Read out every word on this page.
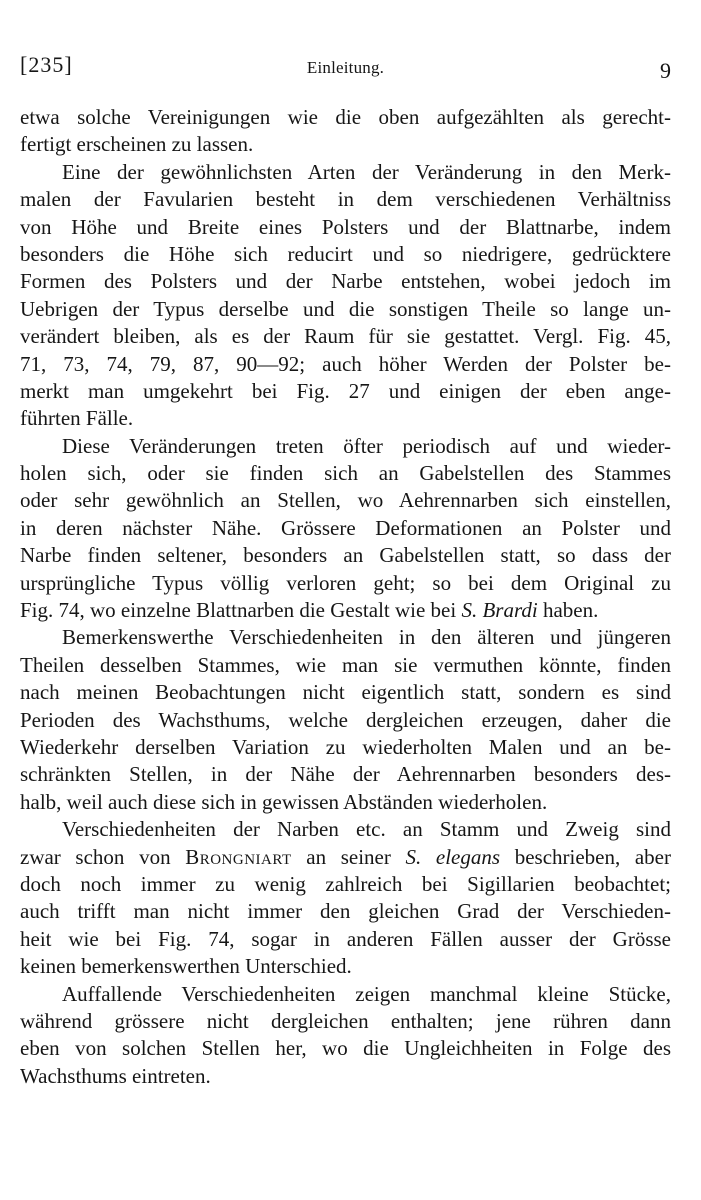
[235]	Einleitung.	9
etwa solche Vereinigungen wie die oben aufgezählten als gerecht-
fertigt erscheinen zu lassen.
Eine der gewöhnlichsten Arten der Veränderung in den Merk-
malen der Favularien besteht in dem verschiedenen Verhältniss
von Höhe und Breite eines Polsters und der Blattnarbe, indem
besonders die Höhe sich reducirt und so niedrigere, gedrücktere
Formen des Polsters und der Narbe entstehen, wobei jedoch im
Uebrigen der Typus derselbe und die sonstigen Theile so lange un-
verändert bleiben, als es der Raum für sie gestattet. Vergl. Fig. 45,
71, 73, 74, 79, 87, 90—92; auch höher Werden der Polster be-
merkt man umgekehrt bei Fig. 27 und einigen der eben ange-
führten Fälle.
Diese Veränderungen treten öfter periodisch auf und wieder-
holen sich, oder sie finden sich an Gabelstellen des Stammes
oder sehr gewöhnlich an Stellen, wo Aehrennarben sich einstellen,
in deren nächster Nähe. Grössere Deformationen an Polster und
Narbe finden seltener, besonders an Gabelstellen statt, so dass der
ursprüngliche Typus völlig verloren geht; so bei dem Original zu
Fig. 74, wo einzelne Blattnarben die Gestalt wie bei S. Brardi haben.
Bemerkenswerthe Verschiedenheiten in den älteren und jüngeren
Theilen desselben Stammes, wie man sie vermuthen könnte, finden
nach meinen Beobachtungen nicht eigentlich statt, sondern es sind
Perioden des Wachsthums, welche dergleichen erzeugen, daher die
Wiederkehr derselben Variation zu wiederholten Malen und an be-
schränkten Stellen, in der Nähe der Aehrennarben besonders des-
halb, weil auch diese sich in gewissen Abständen wiederholen.
Verschiedenheiten der Narben etc. an Stamm und Zweig sind
zwar schon von Brongniart an seiner S. elegans beschrieben, aber
doch noch immer zu wenig zahlreich bei Sigillarien beobachtet;
auch trifft man nicht immer den gleichen Grad der Verschieden-
heit wie bei Fig. 74, sogar in anderen Fällen ausser der Grösse
keinen bemerkenswerthen Unterschied.
Auffallende Verschiedenheiten zeigen manchmal kleine Stücke,
während grössere nicht dergleichen enthalten; jene rühren dann
eben von solchen Stellen her, wo die Ungleichheiten in Folge des
Wachsthums eintreten.
